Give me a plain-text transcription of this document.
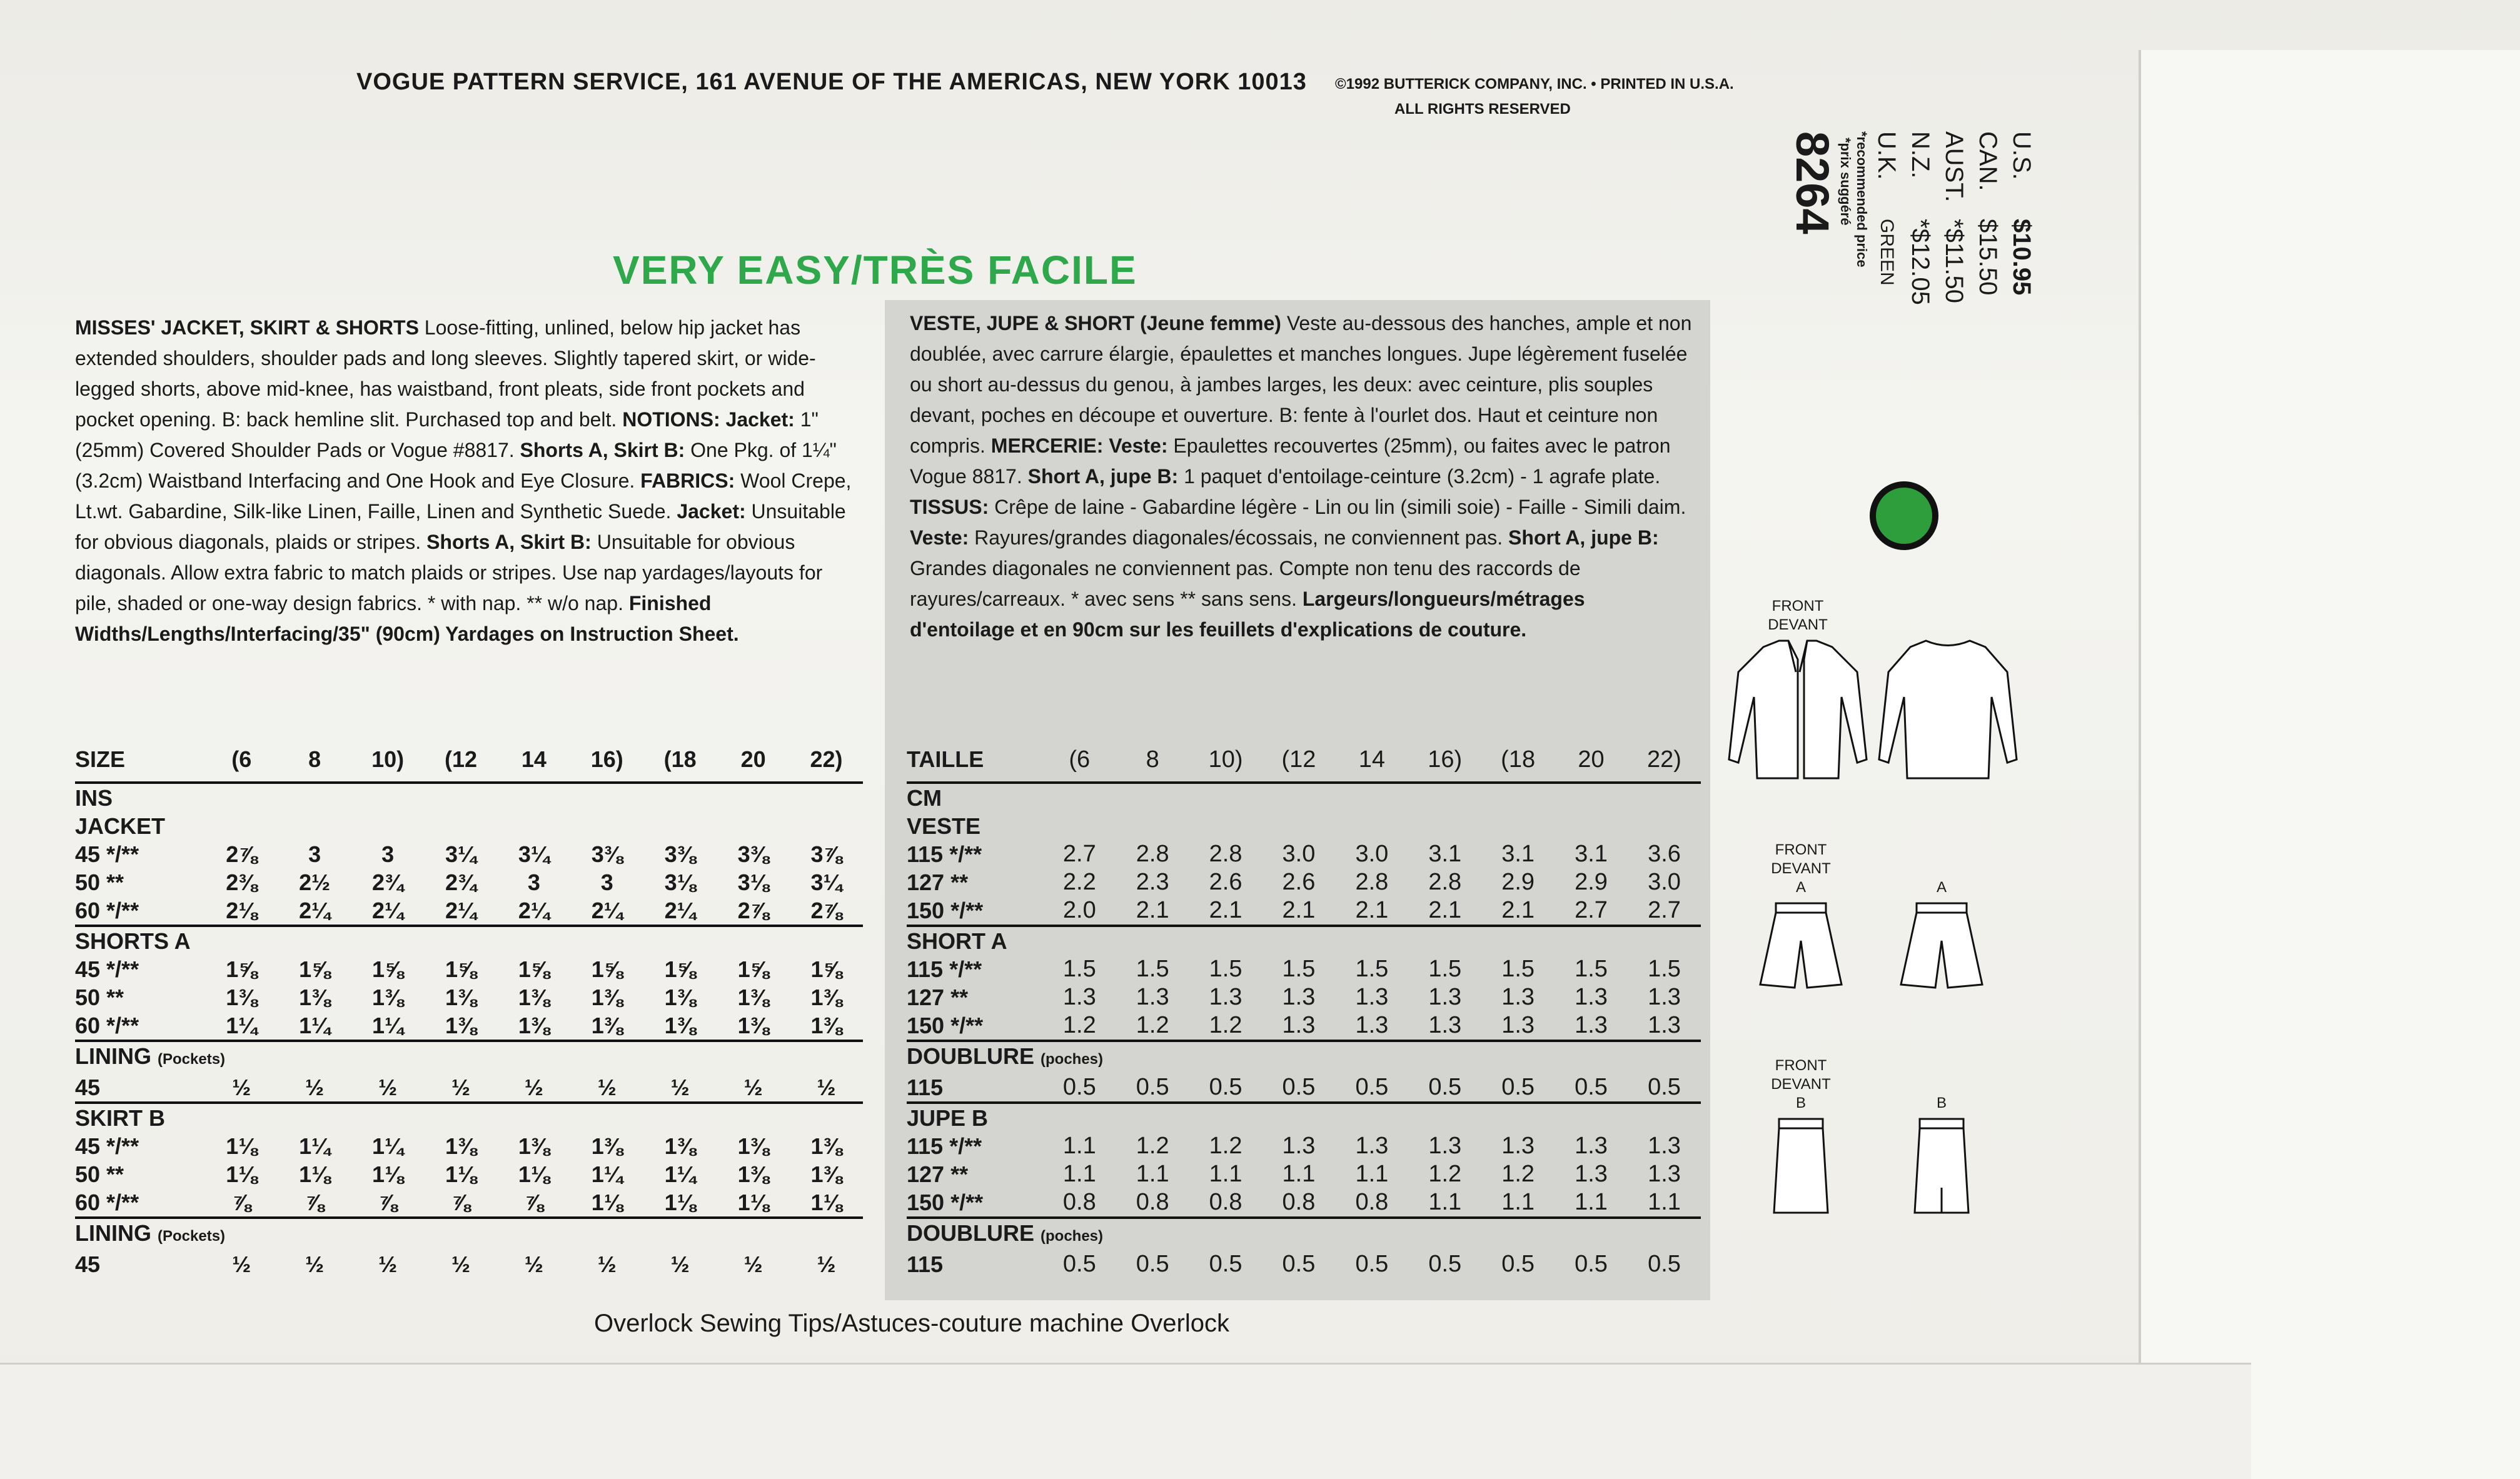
VOGUE PATTERN SERVICE, 161 AVENUE OF THE AMERICAS, NEW YORK 10013 ©1992 BUTTERICK COMPANY, INC. • PRINTED IN U.S.A.
ALL RIGHTS RESERVED
VERY EASY/TRÈS FACILE
U.S.
$10.95
CAN.
$15.50
AUST.
*$11.50
N.Z.
*$12.05
U.K.
GREEN
*recommended price
*prix suggéré
8264
MISSES' JACKET, SKIRT & SHORTS Loose-fitting, unlined, below hip jacket has extended shoulders, shoulder pads and long sleeves. Slightly tapered skirt, or wide-legged shorts, above mid-knee, has waistband, front pleats, side front pockets and pocket opening. B: back hemline slit. Purchased top and belt. NOTIONS: Jacket: 1" (25mm) Covered Shoulder Pads or Vogue #8817. Shorts A, Skirt B: One Pkg. of 1¼" (3.2cm) Waistband Interfacing and One Hook and Eye Closure. FABRICS: Wool Crepe, Lt.wt. Gabardine, Silk-like Linen, Faille, Linen and Synthetic Suede. Jacket: Unsuitable for obvious diagonals, plaids or stripes. Shorts A, Skirt B: Unsuitable for obvious diagonals. Allow extra fabric to match plaids or stripes. Use nap yardages/layouts for pile, shaded or one-way design fabrics. * with nap. ** w/o nap. Finished Widths/Lengths/Interfacing/35" (90cm) Yardages on Instruction Sheet.
VESTE, JUPE & SHORT (Jeune femme) Veste au-dessous des hanches, ample et non doublée, avec carrure élargie, épaulettes et manches longues. Jupe légèrement fuselée ou short au-dessus du genou, à jambes larges, les deux: avec ceinture, plis souples devant, poches en découpe et ouverture. B: fente à l'ourlet dos. Haut et ceinture non compris. MERCERIE: Veste: Epaulettes recouvertes (25mm), ou faites avec le patron Vogue 8817. Short A, jupe B: 1 paquet d'entoilage-ceinture (3.2cm) - 1 agrafe plate. TISSUS: Crêpe de laine - Gabardine légère - Lin ou lin (simili soie) - Faille - Simili daim. Veste: Rayures/grandes diagonales/écossais, ne conviennent pas. Short A, jupe B: Grandes diagonales ne conviennent pas. Compte non tenu des raccords de rayures/carreaux. * avec sens ** sans sens. Largeurs/longueurs/métrages d'entoilage et en 90cm sur les feuillets d'explications de couture.
SIZE	(6	8	10)	(12	14	16)	(18	20	22)
INS									
JACKET									
45 */**	2⅞	3	3	3¼	3¼	3⅜	3⅜	3⅜	3⅞
50 **	2⅜	2½	2¾	2¾	3	3	3⅛	3⅛	3¼
60 */**	2⅛	2¼	2¼	2¼	2¼	2¼	2¼	2⅞	2⅞
SHORTS A									
45 */**	1⅝	1⅝	1⅝	1⅝	1⅝	1⅝	1⅝	1⅝	1⅝
50 **	1⅜	1⅜	1⅜	1⅜	1⅜	1⅜	1⅜	1⅜	1⅜
60 */**	1¼	1¼	1¼	1⅜	1⅜	1⅜	1⅜	1⅜	1⅜
LINING (Pockets)									
45	½	½	½	½	½	½	½	½	½
SKIRT B									
45 */**	1⅛	1¼	1¼	1⅜	1⅜	1⅜	1⅜	1⅜	1⅜
50 **	1⅛	1⅛	1⅛	1⅛	1⅛	1¼	1¼	1⅜	1⅜
60 */**	⅞	⅞	⅞	⅞	⅞	1⅛	1⅛	1⅛	1⅛
LINING (Pockets)									
45	½	½	½	½	½	½	½	½	½
TAILLE	(6	8	10)	(12	14	16)	(18	20	22)
CM									
VESTE									
115 */**	2.7	2.8	2.8	3.0	3.0	3.1	3.1	3.1	3.6
127 **	2.2	2.3	2.6	2.6	2.8	2.8	2.9	2.9	3.0
150 */**	2.0	2.1	2.1	2.1	2.1	2.1	2.1	2.7	2.7
SHORT A									
115 */**	1.5	1.5	1.5	1.5	1.5	1.5	1.5	1.5	1.5
127 **	1.3	1.3	1.3	1.3	1.3	1.3	1.3	1.3	1.3
150 */**	1.2	1.2	1.2	1.3	1.3	1.3	1.3	1.3	1.3
DOUBLURE (poches)									
115	0.5	0.5	0.5	0.5	0.5	0.5	0.5	0.5	0.5
JUPE B									
115 */**	1.1	1.2	1.2	1.3	1.3	1.3	1.3	1.3	1.3
127 **	1.1	1.1	1.1	1.1	1.1	1.2	1.2	1.3	1.3
150 */**	0.8	0.8	0.8	0.8	0.8	1.1	1.1	1.1	1.1
DOUBLURE (poches)									
115	0.5	0.5	0.5	0.5	0.5	0.5	0.5	0.5	0.5
Overlock Sewing Tips/Astuces-couture machine Overlock
FRONT
DEVANT
FRONT
DEVANT
A	A
FRONT
DEVANT
B	B
